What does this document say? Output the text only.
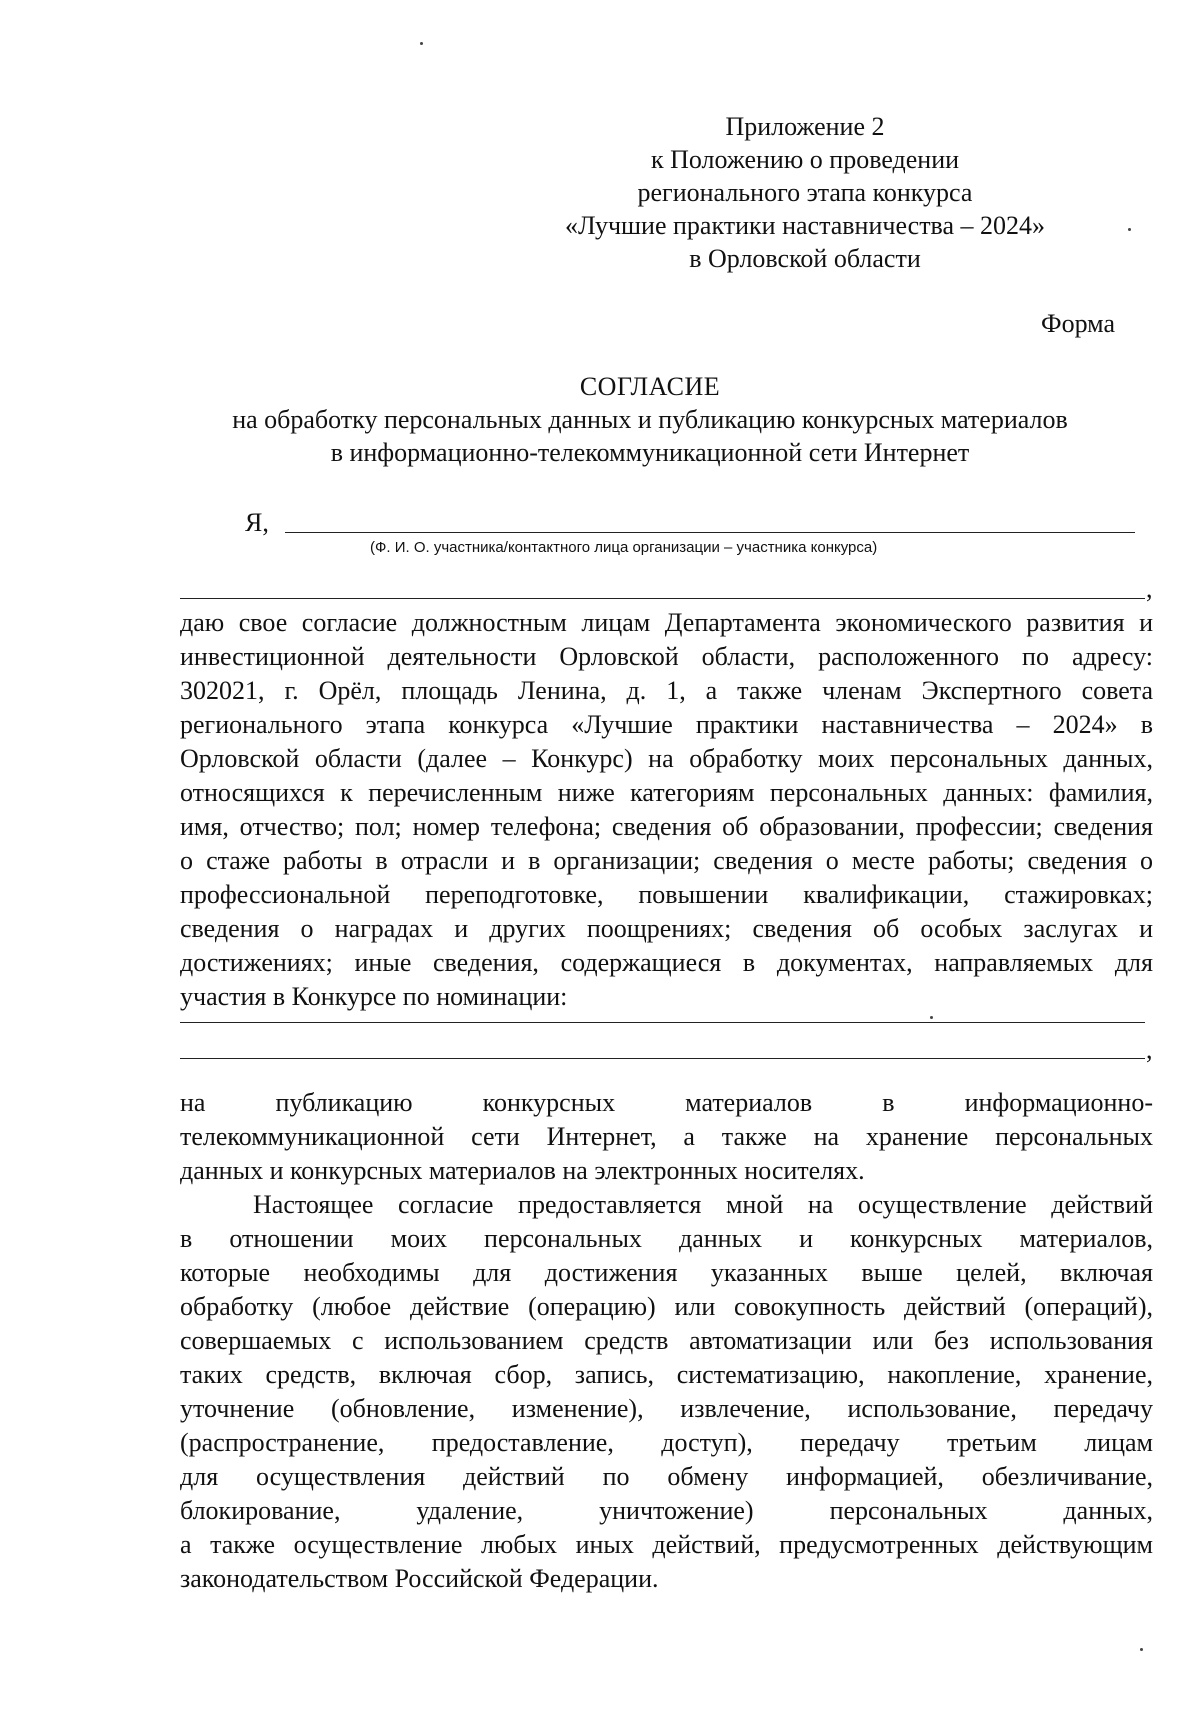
Приложение 2
к Положению о проведении
регионального этапа конкурса
«Лучшие практики наставничества – 2024»
в Орловской области
Форма
СОГЛАСИЕ
на обработку персональных данных и публикацию конкурсных материалов
в информационно-телекоммуникационной сети Интернет
Я,
(Ф. И. О. участника/контактного лица организации – участника конкурса)
,
даю свое согласие должностным лицам Департамента экономического развития и
инвестиционной деятельности Орловской области, расположенного по адресу:
302021, г. Орёл, площадь Ленина, д. 1, а также членам Экспертного совета
регионального этапа конкурса «Лучшие практики наставничества – 2024» в
Орловской области (далее – Конкурс) на обработку моих персональных данных,
относящихся к перечисленным ниже категориям персональных данных: фамилия,
имя, отчество; пол; номер телефона; сведения об образовании, профессии; сведения
о стаже работы в отрасли и в организации; сведения о месте работы; сведения о
профессиональной переподготовке, повышении квалификации, стажировках;
сведения о наградах и других поощрениях; сведения об особых заслугах и
достижениях; иные сведения, содержащиеся в документах, направляемых для
участия в Конкурсе по номинации:
,
на публикацию конкурсных материалов в информационно-
телекоммуникационной сети Интернет, а также на хранение персональных
данных и конкурсных материалов на электронных носителях.
Настоящее согласие предоставляется мной на осуществление действий
в отношении моих персональных данных и конкурсных материалов,
которые необходимы для достижения указанных выше целей, включая
обработку (любое действие (операцию) или совокупность действий (операций),
совершаемых с использованием средств автоматизации или без использования
таких средств, включая сбор, запись, систематизацию, накопление, хранение,
уточнение (обновление, изменение), извлечение, использование, передачу
(распространение, предоставление, доступ), передачу третьим лицам
для осуществления действий по обмену информацией, обезличивание,
блокирование, удаление, уничтожение) персональных данных,
а также осуществление любых иных действий, предусмотренных действующим
законодательством Российской Федерации.
